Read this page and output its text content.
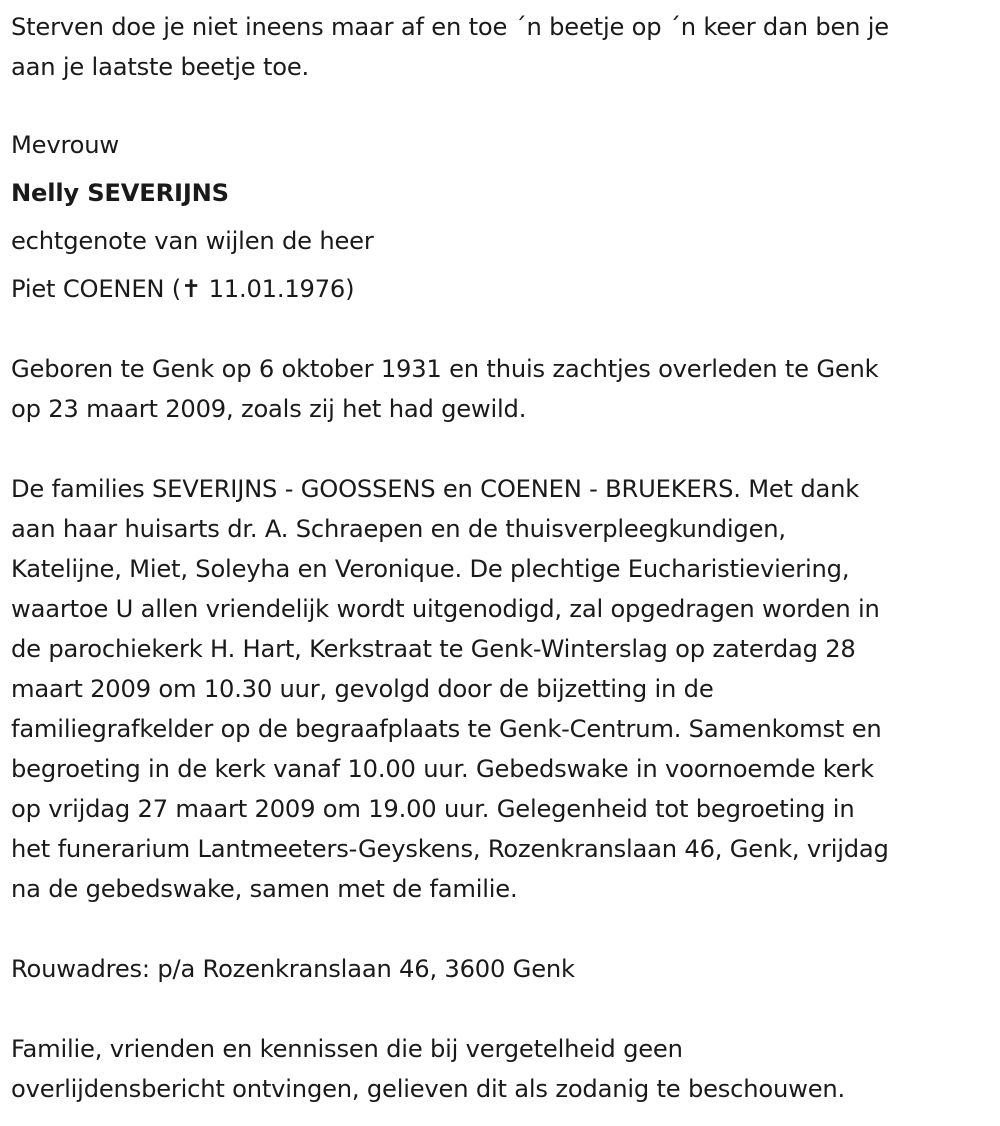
Sterven doe je niet ineens maar af en toe ´n beetje op ´n keer dan ben je
aan je laatste beetje toe.
Mevrouw
Nelly SEVERIJNS
echtgenote van wijlen de heer
Piet COENEN (✝ 11.01.1976)
Geboren te Genk op 6 oktober 1931 en thuis zachtjes overleden te Genk
op 23 maart 2009, zoals zij het had gewild.
De families SEVERIJNS - GOOSSENS en COENEN - BRUEKERS. Met dank
aan haar huisarts dr. A. Schraepen en de thuisverpleegkundigen,
Katelijne, Miet, Soleyha en Veronique. De plechtige Eucharistieviering,
waartoe U allen vriendelijk wordt uitgenodigd, zal opgedragen worden in
de parochiekerk H. Hart, Kerkstraat te Genk-Winterslag op zaterdag 28
maart 2009 om 10.30 uur, gevolgd door de bijzetting in de
familiegrafkelder op de begraafplaats te Genk-Centrum. Samenkomst en
begroeting in de kerk vanaf 10.00 uur. Gebedswake in voornoemde kerk
op vrijdag 27 maart 2009 om 19.00 uur. Gelegenheid tot begroeting in
het funerarium Lantmeeters-Geyskens, Rozenkranslaan 46, Genk, vrijdag
na de gebedswake, samen met de familie.
Rouwadres: p/a Rozenkranslaan 46, 3600 Genk
Familie, vrienden en kennissen die bij vergetelheid geen
overlijdensbericht ontvingen, gelieven dit als zodanig te beschouwen.
